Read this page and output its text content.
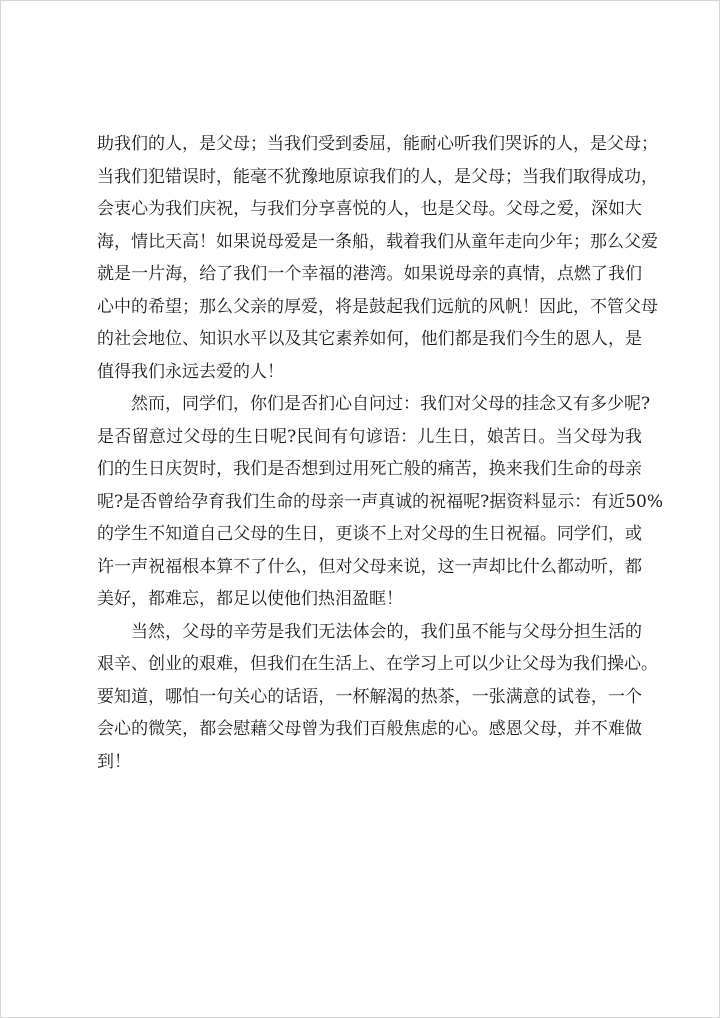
助我们的人，是父母；当我们受到委屈，能耐心听我们哭诉的人，是父母；
当我们犯错误时，能毫不犹豫地原谅我们的人，是父母；当我们取得成功，
会衷心为我们庆祝，与我们分享喜悦的人，也是父母。父母之爱，深如大
海，情比天高！如果说母爱是一条船，载着我们从童年走向少年；那么父爱
就是一片海，给了我们一个幸福的港湾。如果说母亲的真情，点燃了我们
心中的希望；那么父亲的厚爱，将是鼓起我们远航的风帆！因此，不管父母
的社会地位、知识水平以及其它素养如何，他们都是我们今生的恩人，是
值得我们永远去爱的人！
然而，同学们，你们是否扪心自问过：我们对父母的挂念又有多少呢?
是否留意过父母的生日呢?民间有句谚语：儿生日，娘苦日。当父母为我
们的生日庆贺时，我们是否想到过用死亡般的痛苦，换来我们生命的母亲
呢?是否曾给孕育我们生命的母亲一声真诚的祝福呢?据资料显示：有近50%
的学生不知道自己父母的生日，更谈不上对父母的生日祝福。同学们，或
许一声祝福根本算不了什么，但对父母来说，这一声却比什么都动听，都
美好，都难忘，都足以使他们热泪盈眶！
当然，父母的辛劳是我们无法体会的，我们虽不能与父母分担生活的
艰辛、创业的艰难，但我们在生活上、在学习上可以少让父母为我们操心。
要知道，哪怕一句关心的话语，一杯解渴的热茶，一张满意的试卷，一个
会心的微笑，都会慰藉父母曾为我们百般焦虑的心。感恩父母，并不难做
到！
